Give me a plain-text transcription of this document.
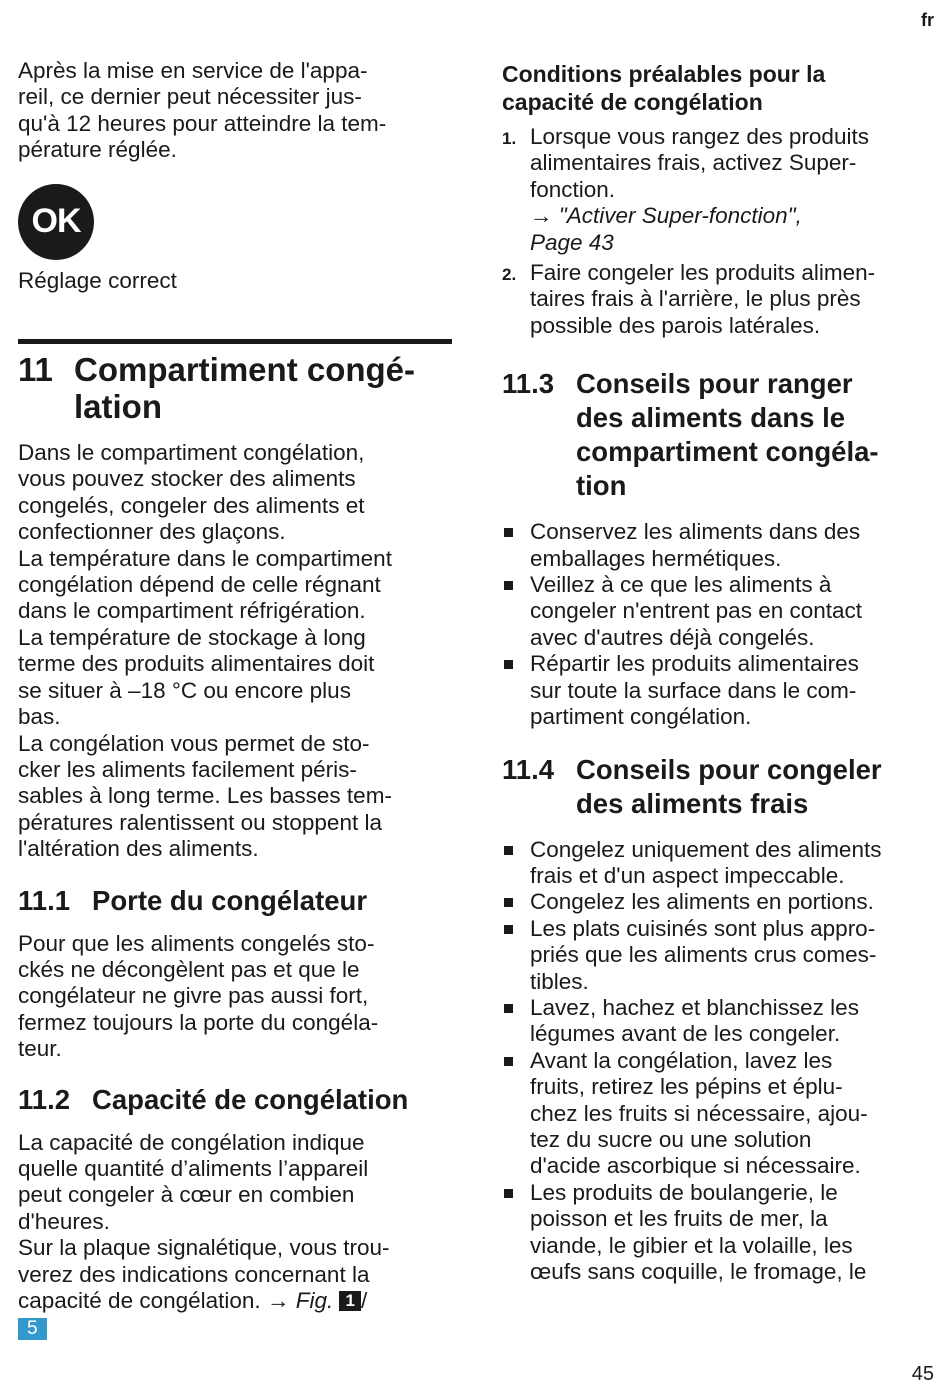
fr

Après la mise en service de l'appa-
reil, ce dernier peut nécessiter jus-
qu'à 12 heures pour atteindre la tem-
pérature réglée.

OK

Réglage correct

11 Compartiment congé-
lation

Dans le compartiment congélation,
vous pouvez stocker des aliments
congelés, congeler des aliments et
confectionner des glaçons.
La température dans le compartiment
congélation dépend de celle régnant
dans le compartiment réfrigération.
La température de stockage à long
terme des produits alimentaires doit
se situer à –18 °C ou encore plus
bas.
La congélation vous permet de sto-
cker les aliments facilement péris-
sables à long terme. Les basses tem-
pératures ralentissent ou stoppent la
l'altération des aliments.

11.1 Porte du congélateur

Pour que les aliments congelés sto-
ckés ne décongèlent pas et que le
congélateur ne givre pas aussi fort,
fermez toujours la porte du congéla-
teur.

11.2 Capacité de congélation
La capacité de congélation indique
quelle quantité d’aliments l’appareil
peut congeler à cœur en combien
d'heures.
Sur la plaque signalétique, vous trou-
verez des indications concernant la
capacité de congélation. → Fig. 1 /
5
Conditions préalables pour la
capacité de congélation
1. Lorsque vous rangez des produits
alimentaires frais, activez Super-
fonction.
→ "Activer Super-fonction",
Page 43
2. Faire congeler les produits alimen-
taires frais à l'arrière, le plus près
possible des parois latérales.
11.3 Conseils pour ranger
des aliments dans le
compartiment congéla-
tion
Conservez les aliments dans des
emballages hermétiques.
Veillez à ce que les aliments à
congeler n'entrent pas en contact
avec d'autres déjà congelés.
Répartir les produits alimentaires
sur toute la surface dans le com-
partiment congélation.
11.4 Conseils pour congeler
des aliments frais
Congelez uniquement des aliments
frais et d'un aspect impeccable.
Congelez les aliments en portions.
Les plats cuisinés sont plus appro-
priés que les aliments crus comes-
tibles.
Lavez, hachez et blanchissez les
légumes avant de les congeler.
Avant la congélation, lavez les
fruits, retirez les pépins et éplu-
chez les fruits si nécessaire, ajou-
tez du sucre ou une solution
d'acide ascorbique si nécessaire.
Les produits de boulangerie, le
poisson et les fruits de mer, la
viande, le gibier et la volaille, les
œufs sans coquille, le fromage, le
45
